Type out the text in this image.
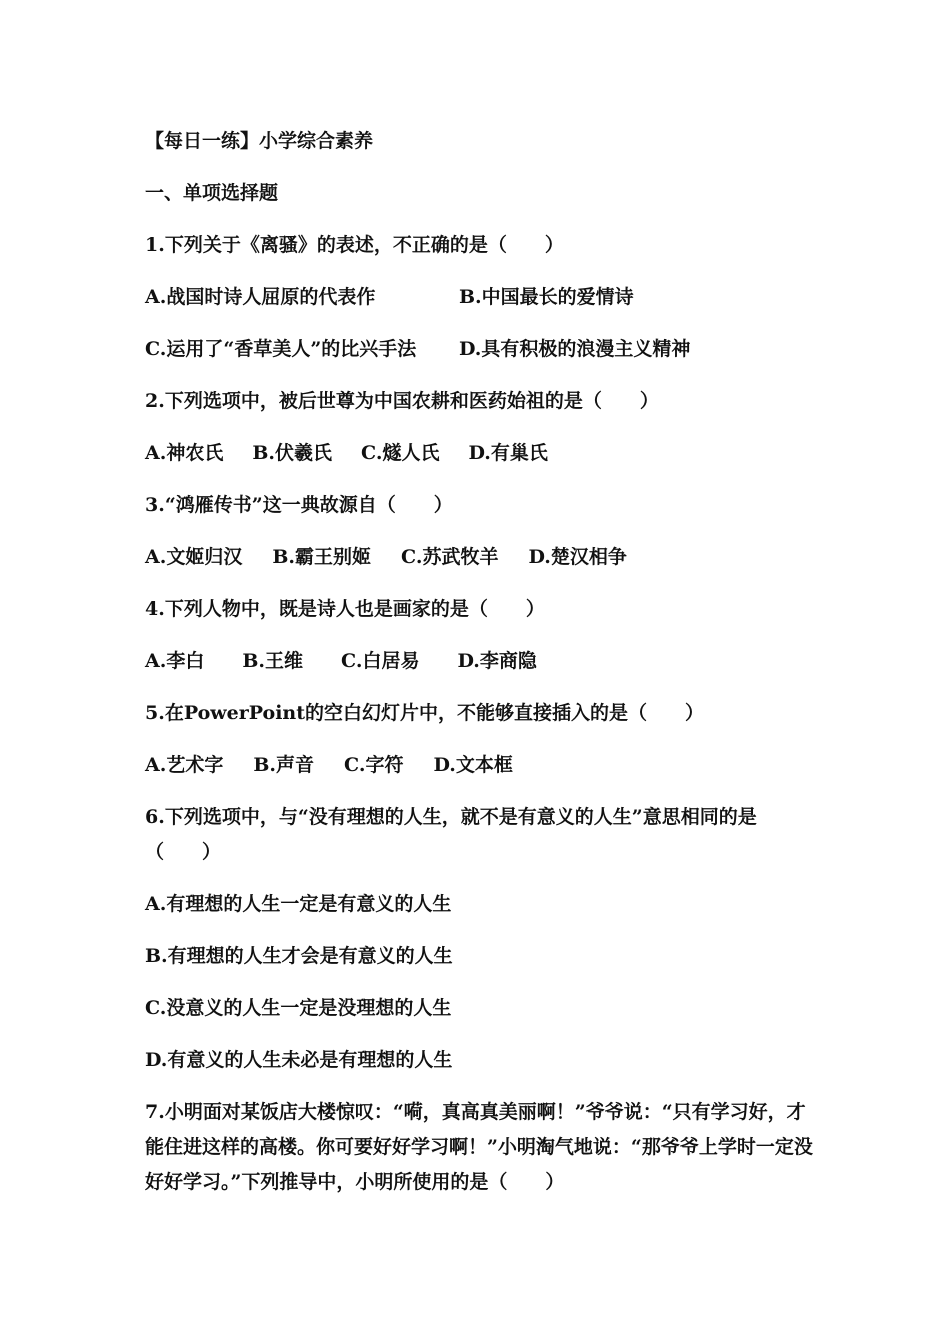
【每日一练】小学综合素养

一、单项选择题

1.下列关于《离骚》的表述，不正确的是（　　）

A.战国时诗人屈原的代表作	B.中国最长的爱情诗
C.运用了“香草美人”的比兴手法	D.具有积极的浪漫主义精神

2.下列选项中，被后世尊为中国农耕和医药始祖的是（　　）

A.神农氏 B.伏羲氏 C.燧人氏 D.有巢氏

3.“鸿雁传书”这一典故源自（　　）

A.文姬归汉 B.霸王别姬 C.苏武牧羊 D.楚汉相争

4.下列人物中，既是诗人也是画家的是（　　）

A.李白 B.王维 C.白居易 D.李商隐

5.在PowerPoint的空白幻灯片中，不能够直接插入的是（　　）

A.艺术字 B.声音 C.字符 D.文本框

6.下列选项中，与“没有理想的人生，就不是有意义的人生”意思相同的是（　　）

A.有理想的人生一定是有意义的人生

B.有理想的人生才会是有意义的人生

C.没意义的人生一定是没理想的人生

D.有意义的人生未必是有理想的人生

7.小明面对某饭店大楼惊叹：“嗬，真高真美丽啊！”爷爷说：“只有学习好，才能住进这样的高楼。你可要好好学习啊！”小明淘气地说：“那爷爷上学时一定没好好学习。”下列推导中，小明所使用的是（　　）
